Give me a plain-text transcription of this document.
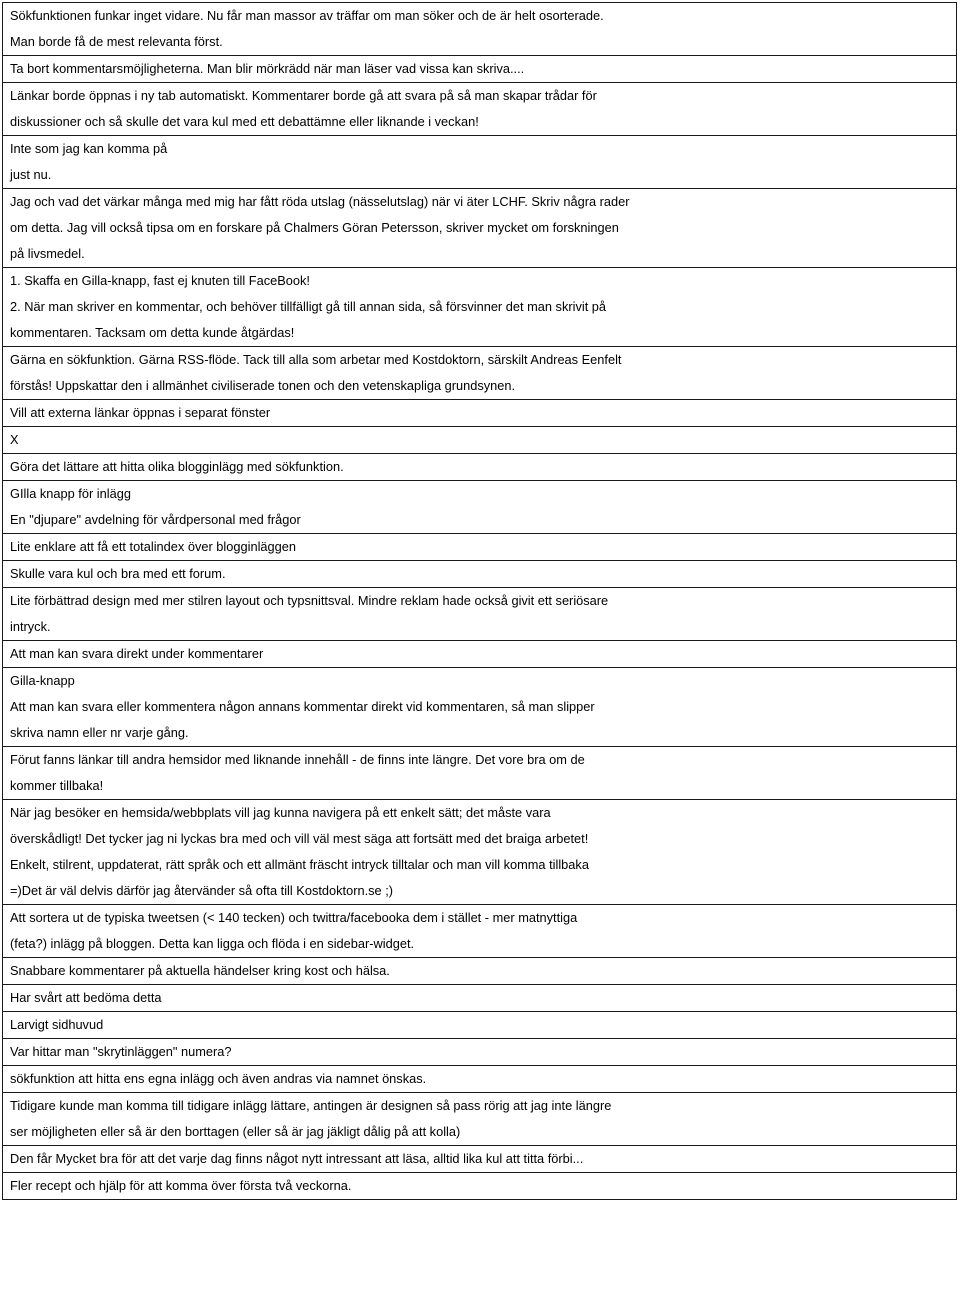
Sökfunktionen funkar inget vidare. Nu får man massor av träffar om man söker och de är helt osorterade.
Man borde få de mest relevanta först.

Ta bort kommentarsmöjligheterna. Man blir mörkrädd när man läser vad vissa kan skriva....

Länkar borde öppnas i ny tab automatiskt. Kommentarer borde gå att svara på så man skapar trådar för
diskussioner och så skulle det vara kul med ett debattämne eller liknande i veckan!

Inte som jag kan komma på
just nu.

Jag och vad det värkar många med mig har fått röda utslag (nässelutslag) när vi äter LCHF. Skriv några rader
om detta. Jag vill också tipsa om en forskare på Chalmers Göran Petersson, skriver mycket om forskningen
på livsmedel.

1. Skaffa en Gilla-knapp, fast ej knuten till FaceBook!
2. När man skriver en kommentar, och behöver tillfälligt gå till annan sida, så försvinner det man skrivit på
kommentaren. Tacksam om detta kunde åtgärdas!

Gärna en sökfunktion. Gärna RSS-flöde. Tack till alla som arbetar med Kostdoktorn, särskilt Andreas Eenfelt
förstås! Uppskattar den i allmänhet civiliserade tonen och den vetenskapliga grundsynen.

Vill att externa länkar öppnas i separat fönster

X

Göra det lättare att hitta olika blogginlägg med sökfunktion.

GIlla knapp för inlägg
En "djupare" avdelning för vårdpersonal med frågor

Lite enklare att få ett totalindex över blogginläggen

Skulle vara kul och bra med ett forum.

Lite förbättrad design med mer stilren layout och typsnittsval. Mindre reklam hade också givit ett seriösare
intryck.

Att man kan svara direkt under kommentarer

Gilla-knapp
Att man kan svara eller kommentera någon annans kommentar direkt vid kommentaren, så man slipper
skriva namn eller nr varje gång.

Förut fanns länkar till andra hemsidor med liknande innehåll - de finns inte längre. Det vore bra om de
kommer tillbaka!

När jag besöker en hemsida/webbplats vill jag kunna navigera på ett enkelt sätt; det måste vara
överskådligt! Det tycker jag ni lyckas bra med och vill väl mest säga att fortsätt med det braiga arbetet!
Enkelt, stilrent, uppdaterat, rätt språk och ett allmänt fräscht intryck tilltalar och man vill komma tillbaka
=)Det är väl delvis därför jag återvänder så ofta till Kostdoktorn.se ;)

Att sortera ut de typiska tweetsen (< 140 tecken) och twittra/facebooka dem i stället - mer matnyttiga
(feta?) inlägg på bloggen. Detta kan ligga och flöda i en sidebar-widget.

Snabbare kommentarer på aktuella händelser kring kost och hälsa.

Har svårt att bedöma detta

Larvigt sidhuvud

Var hittar man "skrytinläggen" numera?

sökfunktion att hitta ens egna inlägg och även andras via namnet önskas.

Tidigare kunde man komma till tidigare inlägg lättare, antingen är designen så pass rörig att jag inte längre
ser möjligheten eller så är den borttagen (eller så är jag jäkligt dålig på att kolla)

Den får Mycket bra för att det varje dag finns något nytt intressant att läsa, alltid lika kul att titta förbi...

Fler recept och hjälp för att komma över första två veckorna.
